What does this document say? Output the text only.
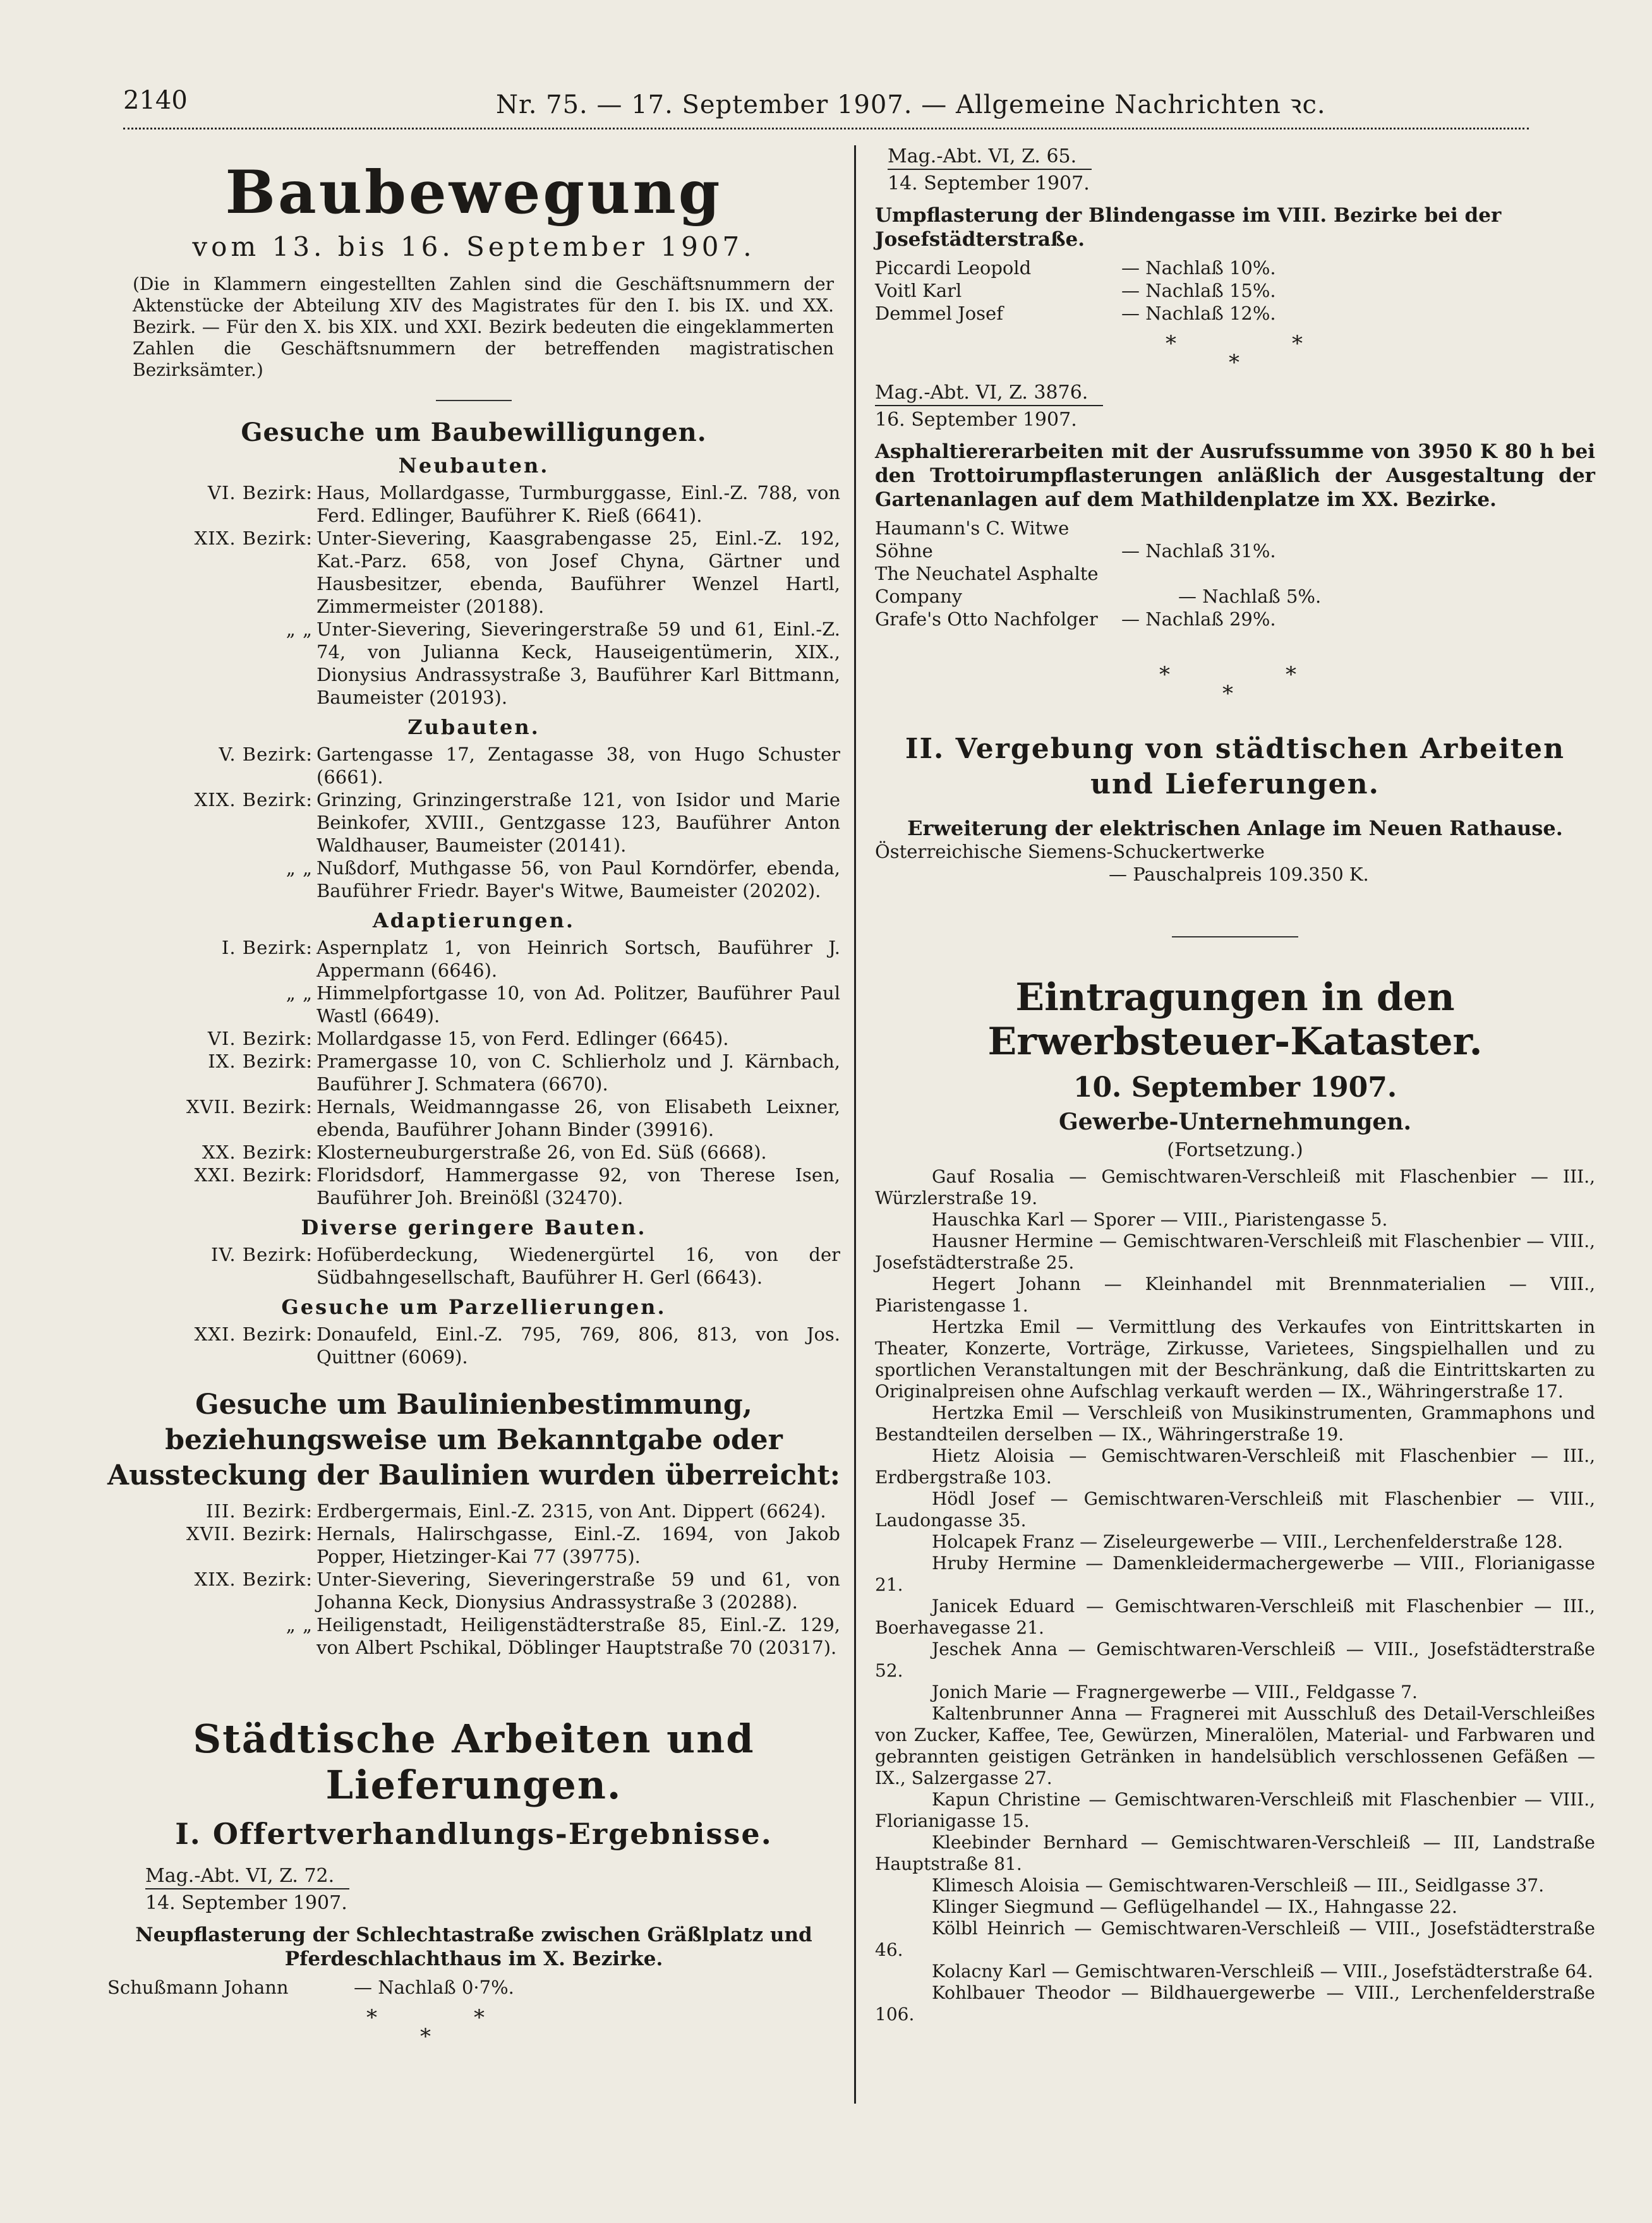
2140	Nr. 75. — 17. September 1907. — Allgemeine Nachrichten ꝛc.
Baubewegung
vom 13. bis 16. September 1907.
(Die in Klammern eingestellten Zahlen sind die Geschäftsnummern der Aktenstücke der Abteilung XIV des Magistrates für den I. bis IX. und XX. Bezirk. — Für den X. bis XIX. und XXI. Bezirk bedeuten die eingeklammerten Zahlen die Geschäftsnummern der betreffenden magistratischen Bezirksämter.)
Gesuche um Baubewilligungen.
Neubauten.
VI. Bezirk: Haus, Mollardgasse, Turmburggasse, Einl.-Z. 788, von Ferd. Edlinger, Bauführer K. Rieß (6641).
XIX. Bezirk: Unter-Sievering, Kaasgrabengasse 25, Einl.-Z. 192, Kat.-Parz. 658, von Josef Chyna, Gärtner und Hausbesitzer, ebenda, Bauführer Wenzel Hartl, Zimmermeister (20188).
„ „ Unter-Sievering, Sieveringerstraße 59 und 61, Einl.-Z. 74, von Julianna Keck, Hauseigentümerin, XIX., Dionysius Andrassystraße 3, Bauführer Karl Bittmann, Baumeister (20193).
Zubauten.
V. Bezirk: Gartengasse 17, Zentagasse 38, von Hugo Schuster (6661).
XIX. Bezirk: Grinzing, Grinzingerstraße 121, von Isidor und Marie Beinkofer, XVIII., Gentzgasse 123, Bauführer Anton Waldhauser, Baumeister (20141).
„ „ Nußdorf, Muthgasse 56, von Paul Korndörfer, ebenda, Bauführer Friedr. Bayer's Witwe, Baumeister (20202).
Adaptierungen.
I. Bezirk: Aspernplatz 1, von Heinrich Sortsch, Bauführer J. Appermann (6646).
„ „ Himmelpfortgasse 10, von Ad. Politzer, Bauführer Paul Wastl (6649).
VI. Bezirk: Mollardgasse 15, von Ferd. Edlinger (6645).
IX. Bezirk: Pramergasse 10, von C. Schlierholz und J. Kärnbach, Bauführer J. Schmatera (6670).
XVII. Bezirk: Hernals, Weidmanngasse 26, von Elisabeth Leixner, ebenda, Bauführer Johann Binder (39916).
XX. Bezirk: Klosterneuburgerstraße 26, von Ed. Süß (6668).
XXI. Bezirk: Floridsdorf, Hammergasse 92, von Therese Isen, Bauführer Joh. Breinößl (32470).
Diverse geringere Bauten.
IV. Bezirk: Hofüberdeckung, Wiedenergürtel 16, von der Südbahngesellschaft, Bauführer H. Gerl (6643).
Gesuche um Parzellierungen.
XXI. Bezirk: Donaufeld, Einl.-Z. 795, 769, 806, 813, von Jos. Quittner (6069).
Gesuche um Baulinienbestimmung, beziehungsweise um Bekanntgabe oder Aussteckung der Baulinien wurden überreicht:
III. Bezirk: Erdbergermais, Einl.-Z. 2315, von Ant. Dippert (6624).
XVII. Bezirk: Hernals, Halirschgasse, Einl.-Z. 1694, von Jakob Popper, Hietzinger-Kai 77 (39775).
XIX. Bezirk: Unter-Sievering, Sieveringerstraße 59 und 61, von Johanna Keck, Dionysius Andrassystraße 3 (20288).
„ „ Heiligenstadt, Heiligenstädterstraße 85, Einl.-Z. 129, von Albert Pschikal, Döblinger Hauptstraße 70 (20317).
Städtische Arbeiten und Lieferungen.
I. Offertverhandlungs-Ergebnisse.
Mag.-Abt. VI, Z. 72.
14. September 1907.
Neupflasterung der Schlechtastraße zwischen Gräßlplatz und Pferdeschlachthaus im X. Bezirke.
Schußmann Johann	— Nachlaß 0·7%.
*	*
*
Mag.-Abt. VI, Z. 65.
14. September 1907.
Umpflasterung der Blindengasse im VIII. Bezirke bei der Josefstädterstraße.
Piccardi Leopold	— Nachlaß 10%.
Voitl Karl	— Nachlaß 15%.
Demmel Josef	— Nachlaß 12%.
*	*
*
Mag.-Abt. VI, Z. 3876.
16. September 1907.
Asphaltiererarbeiten mit der Ausrufssumme von 3950 K 80 h bei den Trottoirumpflasterungen anläßlich der Ausgestaltung der Gartenanlagen auf dem Mathildenplatze im XX. Bezirke.
Haumann's C. Witwe Söhne	— Nachlaß 31%.
The Neuchatel Asphalte Company	— Nachlaß 5%.
Grafe's Otto Nachfolger — Nachlaß 29%.
*	*
*
II. Vergebung von städtischen Arbeiten und Lieferungen.
Erweiterung der elektrischen Anlage im Neuen Rathause.
Österreichische Siemens-Schuckertwerke
— Pauschalpreis 109.350 K.
Eintragungen in den Erwerbsteuer-Kataster.
10. September 1907.
Gewerbe-Unternehmungen.
(Fortsetzung.)

Gauf Rosalia — Gemischtwaren-Verschleiß mit Flaschenbier — III., Würzlerstraße 19.

Hauschka Karl — Sporer — VIII., Piaristengasse 5.

Hausner Hermine — Gemischtwaren-Verschleiß mit Flaschenbier — VIII., Josefstädterstraße 25.

Hegert Johann — Kleinhandel mit Brennmaterialien — VIII., Piaristengasse 1.

Hertzka Emil — Vermittlung des Verkaufes von Eintrittskarten in Theater, Konzerte, Vorträge, Zirkusse, Varietees, Singspielhallen und zu sportlichen Veranstaltungen mit der Beschränkung, daß die Eintrittskarten zu Originalpreisen ohne Aufschlag verkauft werden — IX., Währingerstraße 17.

Hertzka Emil — Verschleiß von Musikinstrumenten, Grammaphons und Bestandteilen derselben — IX., Währingerstraße 19.

Hietz Aloisia — Gemischtwaren-Verschleiß mit Flaschenbier — III., Erdbergstraße 103.

Hödl Josef — Gemischtwaren-Verschleiß mit Flaschenbier — VIII., Laudongasse 35.

Holcapek Franz — Ziseleurgewerbe — VIII., Lerchenfelderstraße 128.

Hruby Hermine — Damenkleidermachergewerbe — VIII., Florianigasse 21.

Janicek Eduard — Gemischtwaren-Verschleiß mit Flaschenbier — III., Boerhavegasse 21.

Jeschek Anna — Gemischtwaren-Verschleiß — VIII., Josefstädterstraße 52.

Jonich Marie — Fragnergewerbe — VIII., Feldgasse 7.

Kaltenbrunner Anna — Fragnerei mit Ausschluß des Detail-Verschleißes von Zucker, Kaffee, Tee, Gewürzen, Mineralölen, Material- und Farbwaren und gebrannten geistigen Getränken in handelsüblich verschlossenen Gefäßen — IX., Salzergasse 27.

Kapun Christine — Gemischtwaren-Verschleiß mit Flaschenbier — VIII., Florianigasse 15.

Kleebinder Bernhard — Gemischtwaren-Verschleiß — III, Landstraße Hauptstraße 81.

Klimesch Aloisia — Gemischtwaren-Verschleiß — III., Seidlgasse 37.

Klinger Siegmund — Geflügelhandel — IX., Hahngasse 22.

Kölbl Heinrich — Gemischtwaren-Verschleiß — VIII., Josefstädterstraße 46.

Kolacny Karl — Gemischtwaren-Verschleiß — VIII., Josefstädterstraße 64.

Kohlbauer Theodor — Bildhauergewerbe — VIII., Lerchenfelderstraße 106.
